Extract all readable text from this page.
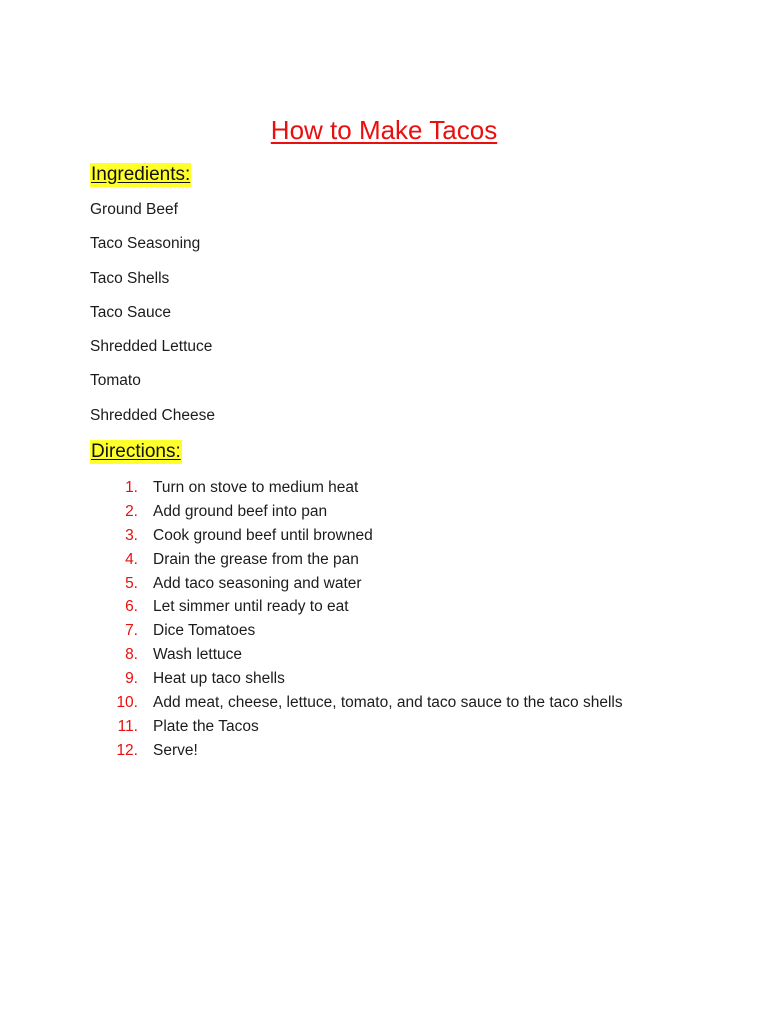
How to Make Tacos
Ingredients:
Ground Beef
Taco Seasoning
Taco Shells
Taco Sauce
Shredded Lettuce
Tomato
Shredded Cheese
Directions:
1. Turn on stove to medium heat
2. Add ground beef into pan
3. Cook ground beef until browned
4. Drain the grease from the pan
5. Add taco seasoning and water
6. Let simmer until ready to eat
7. Dice Tomatoes
8. Wash lettuce
9. Heat up taco shells
10. Add meat, cheese, lettuce, tomato, and taco sauce to the taco shells
11. Plate the Tacos
12. Serve!
